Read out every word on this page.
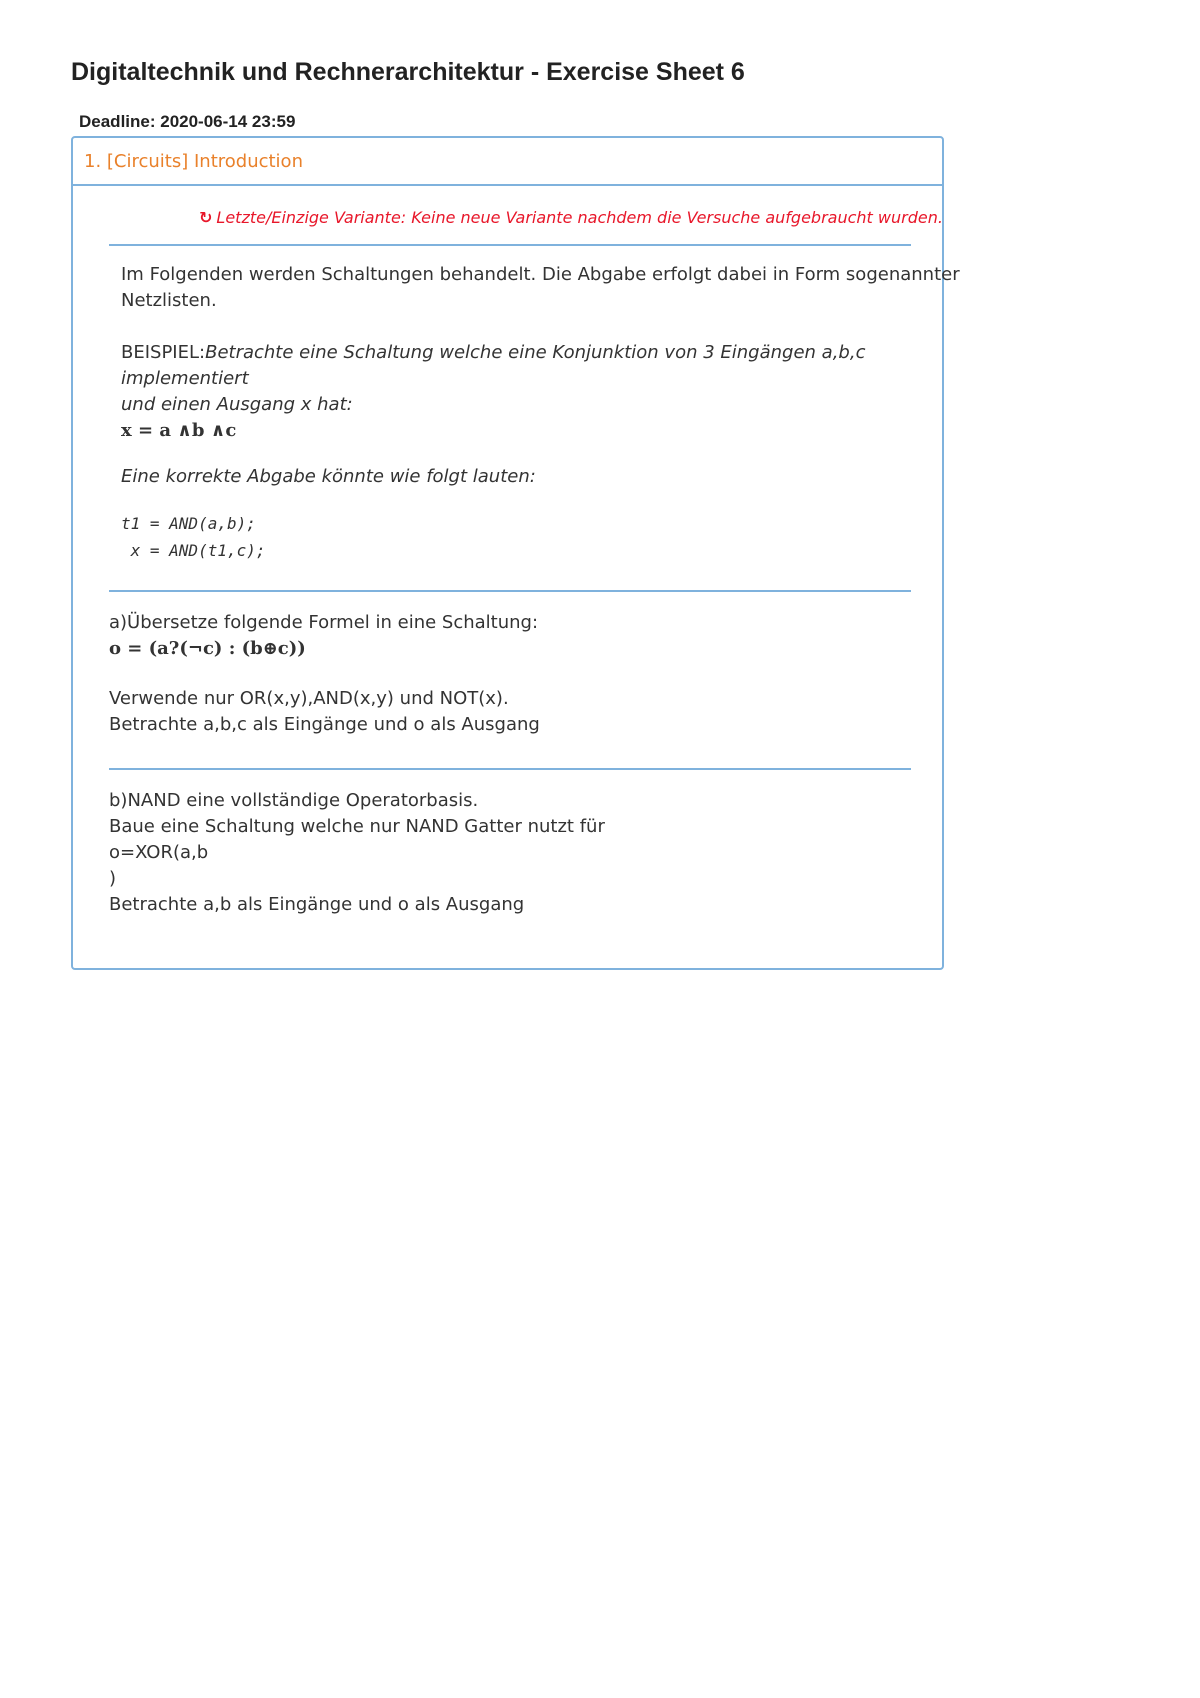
Digitaltechnik und Rechnerarchitektur - Exercise Sheet 6
Deadline: 2020-06-14 23:59
1. [Circuits] Introduction
↻ Letzte/Einzige Variante: Keine neue Variante nachdem die Versuche aufgebraucht wurden.

Im Folgenden werden Schaltungen behandelt. Die Abgabe erfolgt dabei in Form sogenannter

Netzlisten.

BEISPIEL:Betrachte eine Schaltung welche eine Konjunktion von 3 Eingängen a,b,c implementiert

und einen Ausgang x hat:

x = a ∧b ∧c

Eine korrekte Abgabe könnte wie folgt lauten:

t1 = AND(a,b);
x = AND(t1,c);

a)Übersetze folgende Formel in eine Schaltung:

o = (a?(¬c) : (b⊕c))

Verwende nur OR(x,y),AND(x,y) und NOT(x).

Betrachte a,b,c als Eingänge und o als Ausgang

b)NAND eine vollständige Operatorbasis.

Baue eine Schaltung welche nur NAND Gatter nutzt für

o=XOR(a,b

)

Betrachte a,b als Eingänge und o als Ausgang
